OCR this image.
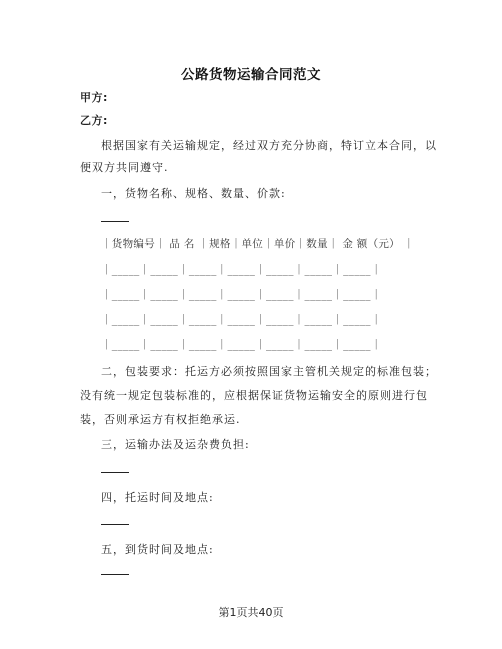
公路货物运输合同范文
甲方:
乙方:
根据国家有关运输规定，经过双方充分协商，特订立本合同，以
便双方共同遵守.
一，货物名称、规格、数量、价款:
｜货物编号｜ 品 名 ｜规格｜单位｜单价｜数量｜ 金 额（元） ｜
｜_____｜_____｜_____｜_____｜_____｜_____｜_____｜
｜_____｜_____｜_____｜_____｜_____｜_____｜_____｜
｜_____｜_____｜_____｜_____｜_____｜_____｜_____｜
｜_____｜_____｜_____｜_____｜_____｜_____｜_____｜
二，包装要求：托运方必须按照国家主管机关规定的标准包装；
没有统一规定包装标准的，应根据保证货物运输安全的原则进行包
装，否则承运方有权拒绝承运.
三，运输办法及运杂费负担:
四，托运时间及地点:
五，到货时间及地点:
第1页共40页
